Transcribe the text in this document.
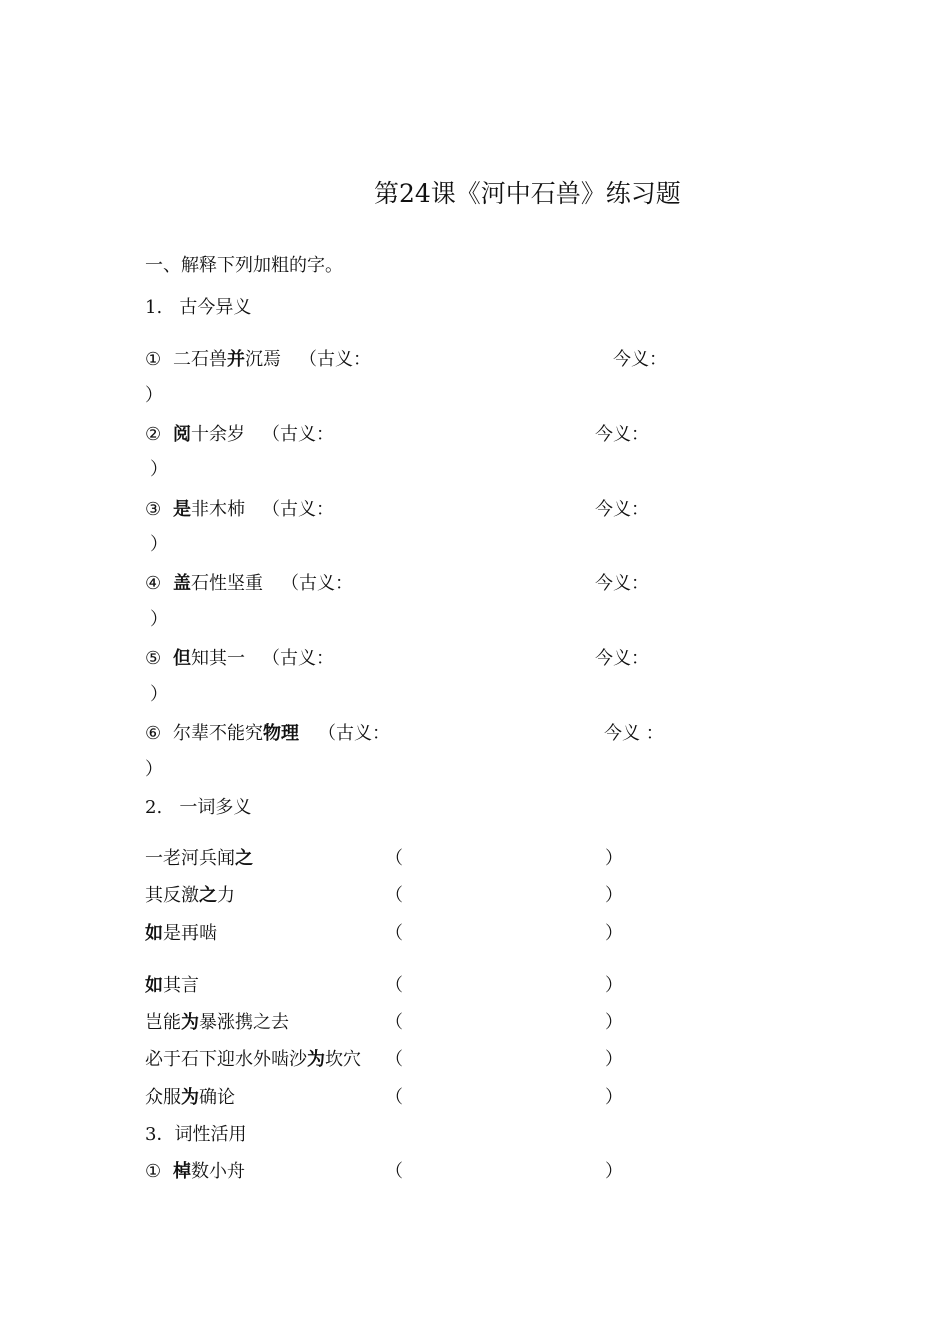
第24课《河中石兽》练习题
一、解释下列加粗的字。
1.   古今异义
① 二石兽并沉焉 （古义：	今义：
）
② 阅十余岁 （古义：	今义：
）
③ 是非木杮 （古义：	今义：
）
④ 盖石性坚重 （古义：	今义：
）
⑤ 但知其一 （古义：	今义：
）
⑥ 尔辈不能究物理 （古义：	今义 ：
）
2.   一词多义
一老河兵闻之	（	）
其反激之力	（	）
如是再啮	（	）
如其言	（	）
岂能为暴涨携之去	（	）
必于石下迎水外啮沙为坎穴 （	）
众服为确论	（	）
3．词性活用
① 棹数小舟	（	）
